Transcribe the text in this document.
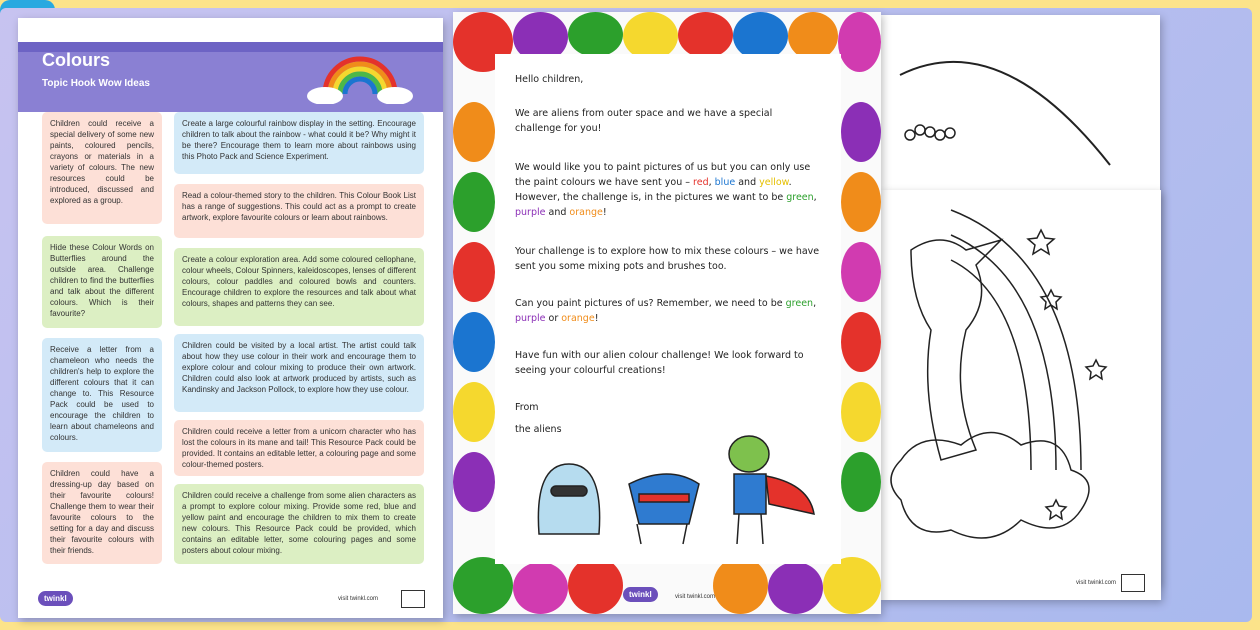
visit twinkl.com
Colours
Topic Hook Wow Ideas
Children could receive a special delivery of some new paints, coloured pencils, crayons or materials in a variety of colours. The new resources could be introduced, discussed and explored as a group.
Hide these Colour Words on Butterflies around the outside area. Challenge children to find the butterflies and talk about the different colours. Which is their favourite?
Receive a letter from a chameleon who needs the children's help to explore the different colours that it can change to. This Resource Pack could be used to encourage the children to learn about chameleons and colours.
Children could have a dressing-up day based on their favourite colours! Challenge them to wear their favourite colours to the setting for a day and discuss their favourite colours with their friends.
Create a large colourful rainbow display in the setting. Encourage children to talk about the rainbow - what could it be? Why might it be there? Encourage them to learn more about rainbows using this Photo Pack and Science Experiment.
Read a colour-themed story to the children. This Colour Book List has a range of suggestions. This could act as a prompt to create artwork, explore favourite colours or learn about rainbows.
Create a colour exploration area. Add some coloured cellophane, colour wheels, Colour Spinners, kaleidoscopes, lenses of different colours, colour paddles and coloured bowls and counters. Encourage children to explore the resources and talk about what colours, shapes and patterns they can see.
Children could be visited by a local artist. The artist could talk about how they use colour in their work and encourage them to explore colour and colour mixing to produce their own artwork. Children could also look at artwork produced by artists, such as Kandinsky and Jackson Pollock, to explore how they use colour.
Children could receive a letter from a unicorn character who has lost the colours in its mane and tail! This Resource Pack could be provided. It contains an editable letter, a colouring page and some colour-themed posters.
Children could receive a challenge from some alien characters as a prompt to explore colour mixing. Provide some red, blue and yellow paint and encourage the children to mix them to create new colours. This Resource Pack could be provided, which contains an editable letter, some colouring pages and some posters about colour mixing.
twinkl	visit twinkl.com

Hello children,

We are aliens from outer space and we have a special challenge for you!

We would like you to paint pictures of us but you can only use the paint colours we have sent you – red, blue and yellow. However, the challenge is, in the pictures we want to be green, purple and orange!

Your challenge is to explore how to mix these colours – we have sent you some mixing pots and brushes too.

Can you paint pictures of us? Remember, we need to be green, purple or orange!

Have fun with our alien colour challenge! We look forward to seeing your colourful creations!

From

the aliens

twinkl	visit twinkl.com
